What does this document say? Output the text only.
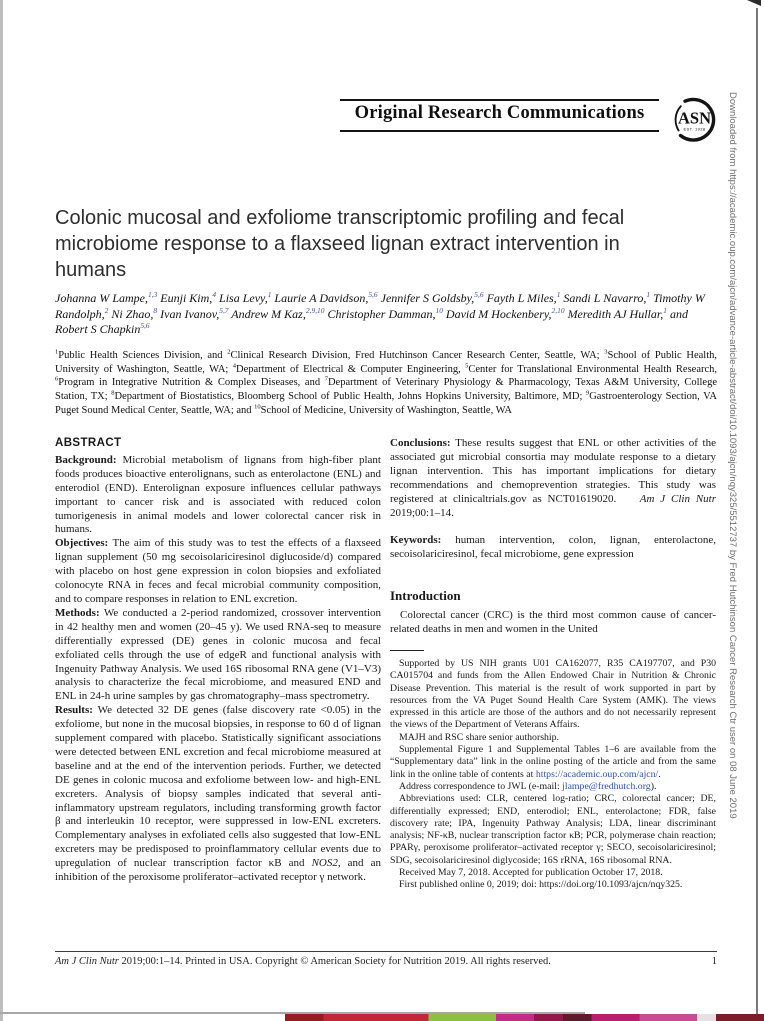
Downloaded from https://academic.oup.com/ajcn/advance-article-abstract/doi/10.1093/ajcn/nqy325/5512737 by Fred Hutchinson Cancer Research Ctr user on 08 June 2019
Original Research Communications	ASN
EST. 1928
Colonic mucosal and exfoliome transcriptomic profiling and fecal microbiome response to a flaxseed lignan extract intervention in humans
Johanna W Lampe,$^{1,3}$ Eunji Kim,$^4$ Lisa Levy,$^1$ Laurie A Davidson,$^{5,6}$ Jennifer S Goldsby,$^{5,6}$ Fayth L Miles,$^1$ Sandi L Navarro,$^1$ Timothy W Randolph,$^2$ Ni Zhao,$^8$ Ivan Ivanov,$^{5,7}$ Andrew M Kaz,$^{2,9,10}$ Christopher Damman,$^{10}$ David M Hockenbery,$^{2,10}$ Meredith AJ Hullar,$^1$ and Robert S Chapkin$^{5,6}$
$^1$Public Health Sciences Division, and $^2$Clinical Research Division, Fred Hutchinson Cancer Research Center, Seattle, WA; $^3$School of Public Health, University of Washington, Seattle, WA; $^4$Department of Electrical & Computer Engineering, $^5$Center for Translational Environmental Health Research, $^6$Program in Integrative Nutrition & Complex Diseases, and $^7$Department of Veterinary Physiology & Pharmacology, Texas A&M University, College Station, TX; $^8$Department of Biostatistics, Bloomberg School of Public Health, Johns Hopkins University, Baltimore, MD; $^9$Gastroenterology Section, VA Puget Sound Medical Center, Seattle, WA; and $^{10}$School of Medicine, University of Washington, Seattle, WA
ABSTRACT

Background: Microbial metabolism of lignans from high-fiber plant foods produces bioactive enterolignans, such as enterolactone (ENL) and enterodiol (END). Enterolignan exposure influences cellular pathways important to cancer risk and is associated with reduced colon tumorigenesis in animal models and lower colorectal cancer risk in humans.

Objectives: The aim of this study was to test the effects of a flaxseed lignan supplement (50 mg secoisolariciresinol diglucoside/d) compared with placebo on host gene expression in colon biopsies and exfoliated colonocyte RNA in feces and fecal microbial community composition, and to compare responses in relation to ENL excretion.

Methods: We conducted a 2-period randomized, crossover intervention in 42 healthy men and women (20–45 y). We used RNA-seq to measure differentially expressed (DE) genes in colonic mucosa and fecal exfoliated cells through the use of edgeR and functional analysis with Ingenuity Pathway Analysis. We used 16S ribosomal RNA gene (V1–V3) analysis to characterize the fecal microbiome, and measured END and ENL in 24-h urine samples by gas chromatography–mass spectrometry.

Results: We detected 32 DE genes (false discovery rate <0.05) in the exfoliome, but none in the mucosal biopsies, in response to 60 d of lignan supplement compared with placebo. Statistically significant associations were detected between ENL excretion and fecal microbiome measured at baseline and at the end of the intervention periods. Further, we detected DE genes in colonic mucosa and exfoliome between low- and high-ENL excreters. Analysis of biopsy samples indicated that several anti-inflammatory upstream regulators, including transforming growth factor β and interleukin 10 receptor, were suppressed in low-ENL excreters. Complementary analyses in exfoliated cells also suggested that low-ENL excreters may be predisposed to proinflammatory cellular events due to upregulation of nuclear transcription factor κB and NOS2, and an inhibition of the peroxisome proliferator–activated receptor γ network.

Conclusions: These results suggest that ENL or other activities of the associated gut microbial consortia may modulate response to a dietary lignan intervention. This has important implications for dietary recommendations and chemoprevention strategies. This study was registered at clinicaltrials.gov as NCT01619020.    Am J Clin Nutr 2019;00:1–14.

Keywords: human intervention, colon, lignan, enterolactone, secoisolariciresinol, fecal microbiome, gene expression

Introduction

Colorectal cancer (CRC) is the third most common cause of cancer-related deaths in men and women in the United

Supported by US NIH grants U01 CA162077, R35 CA197707, and P30 CA015704 and funds from the Allen Endowed Chair in Nutrition & Chronic Disease Prevention. This material is the result of work supported in part by resources from the VA Puget Sound Health Care System (AMK). The views expressed in this article are those of the authors and do not necessarily represent the views of the Department of Veterans Affairs.

MAJH and RSC share senior authorship.

Supplemental Figure 1 and Supplemental Tables 1–6 are available from the “Supplementary data” link in the online posting of the article and from the same link in the online table of contents at https://academic.oup.com/ajcn/.

Address correspondence to JWL (e-mail: jlampe@fredhutch.org).

Abbreviations used: CLR, centered log-ratio; CRC, colorectal cancer; DE, differentially expressed; END, enterodiol; ENL, enterolactone; FDR, false discovery rate; IPA, Ingenuity Pathway Analysis; LDA, linear discriminant analysis; NF-κB, nuclear transcription factor κB; PCR, polymerase chain reaction; PPARγ, peroxisome proliferator–activated receptor γ; SECO, secoisolariciresinol; SDG, secoisolariciresinol diglycoside; 16S rRNA, 16S ribosomal RNA.

Received May 7, 2018. Accepted for publication October 17, 2018.

First published online 0, 2019; doi: https://doi.org/10.1093/ajcn/nqy325.

Am J Clin Nutr 2019;00:1–14. Printed in USA. Copyright © American Society for Nutrition 2019. All rights reserved.	1
